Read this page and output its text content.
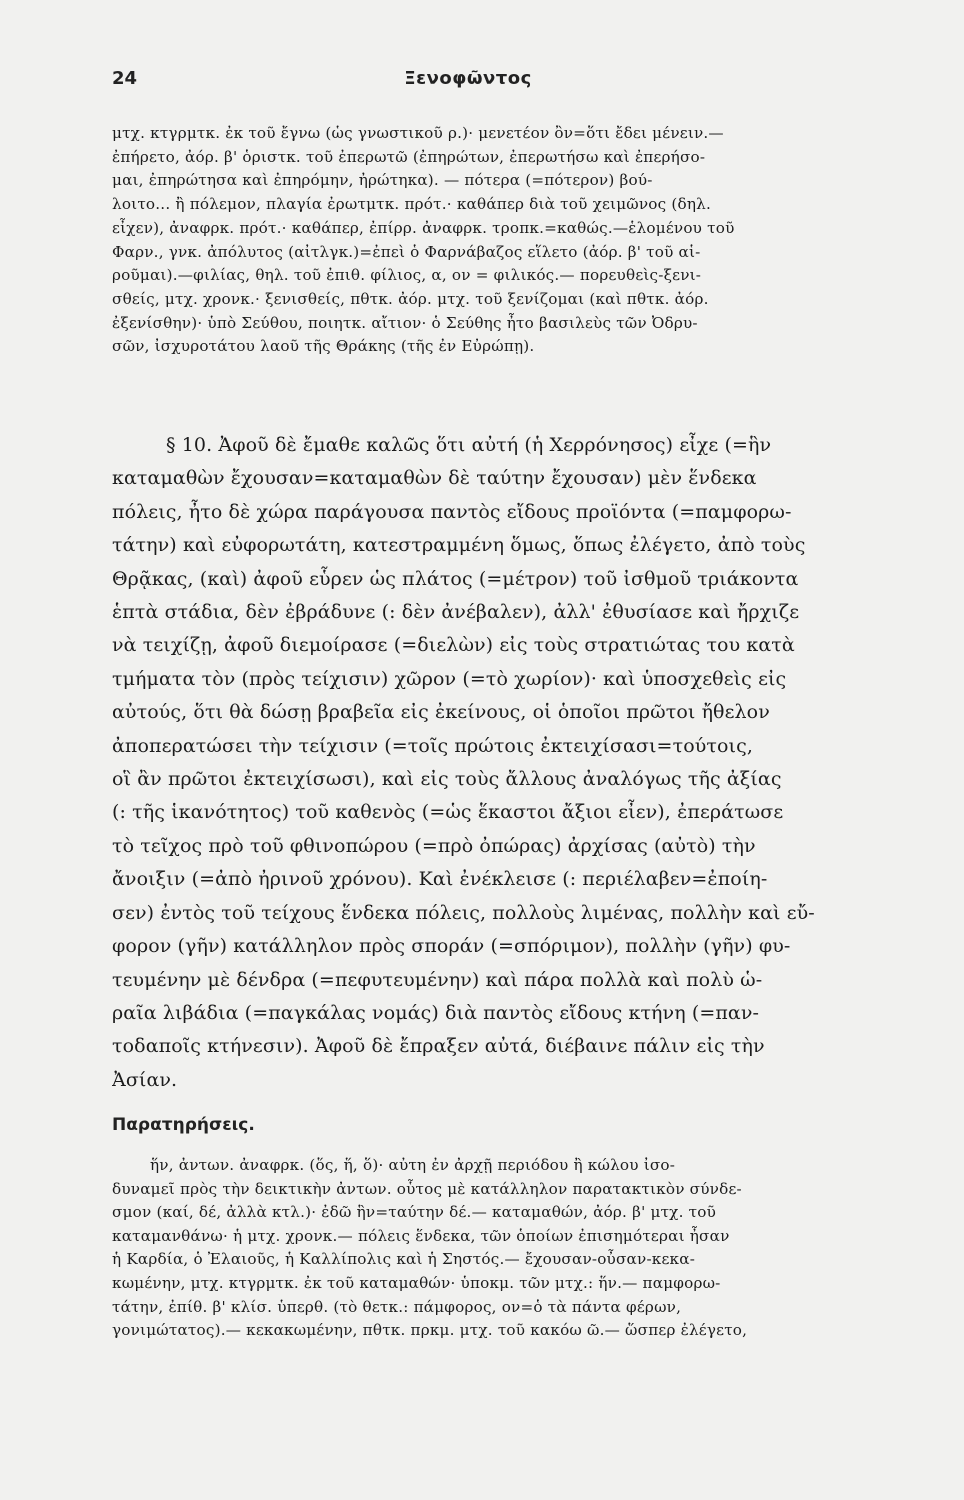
24	Ξενοφῶντος
μτχ. κτγρμτκ. ἐκ τοῦ ἔγνω (ὡς γνωστικοῦ ρ.)· μενετέον ὂν=ὅτι ἔδει μένειν.—
ἐπήρετο, ἀόρ. β' ὁριστκ. τοῦ ἐπερωτῶ (ἐπηρώτων, ἐπερωτήσω καὶ ἐπερήσο-
μαι, ἐπηρώτησα καὶ ἐπηρόμην, ἠρώτηκα). — πότερα (=πότερον) βού-
λοιτο... ἢ πόλεμον, πλαγία ἐρωτμτκ. πρότ.· καθάπερ διὰ τοῦ χειμῶνος (δηλ.
εἶχεν), ἀναφρκ. πρότ.· καθάπερ, ἐπίρρ. ἀναφρκ. τροπκ.=καθώς.—ἑλομένου τοῦ
Φαρν., γνκ. ἀπόλυτος (αἰτλγκ.)=ἐπεὶ ὁ Φαρνάβαζος εἵλετο (ἀόρ. β' τοῦ αἱ-
ροῦμαι).—φιλίας, θηλ. τοῦ ἐπιθ. φίλιος, α, ον = φιλικός.— πορευθεὶς-ξενι-
σθείς, μτχ. χρονκ.· ξενισθείς, πθτκ. ἀόρ. μτχ. τοῦ ξενίζομαι (καὶ πθτκ. ἀόρ.
ἐξενίσθην)· ὑπὸ Σεύθου, ποιητκ. αἴτιον· ὁ Σεύθης ἦτο βασιλεὺς τῶν Ὀδρυ-
σῶν, ἰσχυροτάτου λαοῦ τῆς Θράκης (τῆς ἐν Εὐρώπῃ).
§ 10. Ἀφοῦ δὲ ἔμαθε καλῶς ὅτι αὐτή (ἡ Χερρόνησος) εἶχε (=ἣν
καταμαθὼν ἔχουσαν=καταμαθὼν δὲ ταύτην ἔχουσαν) μὲν ἕνδεκα
πόλεις, ἦτο δὲ χώρα παράγουσα παντὸς εἴδους προϊόντα (=παμφορω-
τάτην) καὶ εὐφορωτάτη, κατεστραμμένη ὅμως, ὅπως ἐλέγετο, ἀπὸ τοὺς
Θρᾷκας, (καὶ) ἀφοῦ εὗρεν ὡς πλάτος (=μέτρον) τοῦ ἰσθμοῦ τριάκοντα
ἑπτὰ στάδια, δὲν ἐβράδυνε (: δὲν ἀνέβαλεν), ἀλλ' ἐθυσίασε καὶ ἤρχιζε
νὰ τειχίζῃ, ἀφοῦ διεμοίρασε (=διελὼν) εἰς τοὺς στρατιώτας του κατὰ
τμήματα τὸν (πρὸς τείχισιν) χῶρον (=τὸ χωρίον)· καὶ ὑποσχεθεὶς εἰς
αὐτούς, ὅτι θὰ δώσῃ βραβεῖα εἰς ἐκείνους, οἱ ὁποῖοι πρῶτοι ἤθελον
ἀποπερατώσει τὴν τείχισιν (=τοῖς πρώτοις ἐκτειχίσασι=τούτοις,
οἳ ἂν πρῶτοι ἐκτειχίσωσι), καὶ εἰς τοὺς ἄλλους ἀναλόγως τῆς ἀξίας
(: τῆς ἱκανότητος) τοῦ καθενὸς (=ὡς ἕκαστοι ἄξιοι εἶεν), ἐπεράτωσε
τὸ τεῖχος πρὸ τοῦ φθινοπώρου (=πρὸ ὀπώρας) ἀρχίσας (αὐτὸ) τὴν
ἄνοιξιν (=ἀπὸ ἠρινοῦ χρόνου). Καὶ ἐνέκλεισε (: περιέλαβεν=ἐποίη-
σεν) ἐντὸς τοῦ τείχους ἕνδεκα πόλεις, πολλοὺς λιμένας, πολλὴν καὶ εὔ-
φορον (γῆν) κατάλληλον πρὸς σποράν (=σπόριμον), πολλὴν (γῆν) φυ-
τευμένην μὲ δένδρα (=πεφυτευμένην) καὶ πάρα πολλὰ καὶ πολὺ ὡ-
ραῖα λιβάδια (=παγκάλας νομάς) διὰ παντὸς εἴδους κτήνη (=παν-
τοδαποῖς κτήνεσιν). Ἀφοῦ δὲ ἔπραξεν αὐτά, διέβαινε πάλιν εἰς τὴν
Ἀσίαν.
Παρατηρήσεις.
ἥν, ἀντων. ἀναφρκ. (ὅς, ἥ, ὅ)· αὐτη ἐν ἀρχῇ περιόδου ἢ κώλου ἰσο-
δυναμεῖ πρὸς τὴν δεικτικὴν ἀντων. οὗτος μὲ κατάλληλον παρατακτικὸν σύνδε-
σμον (καί, δέ, ἀλλὰ κτλ.)· ἐδῶ ἣν=ταύτην δέ.— καταμαθών, ἀόρ. β' μτχ. τοῦ
καταμανθάνω· ἡ μτχ. χρονκ.— πόλεις ἕνδεκα, τῶν ὁποίων ἐπισημότεραι ἦσαν
ἡ Καρδία, ὁ Ἐλαιοῦς, ἡ Καλλίπολις καὶ ἡ Σηστός.— ἔχουσαν-οὖσαν-κεκα-
κωμένην, μτχ. κτγρμτκ. ἐκ τοῦ καταμαθών· ὑποκμ. τῶν μτχ.: ἥν.— παμφορω-
τάτην, ἐπίθ. β' κλίσ. ὑπερθ. (τὸ θετκ.: πάμφορος, ον=ὁ τὰ πάντα φέρων,
γονιμώτατος).— κεκακωμένην, πθτκ. πρκμ. μτχ. τοῦ κακόω ῶ.— ὥσπερ ἐλέγετο,
